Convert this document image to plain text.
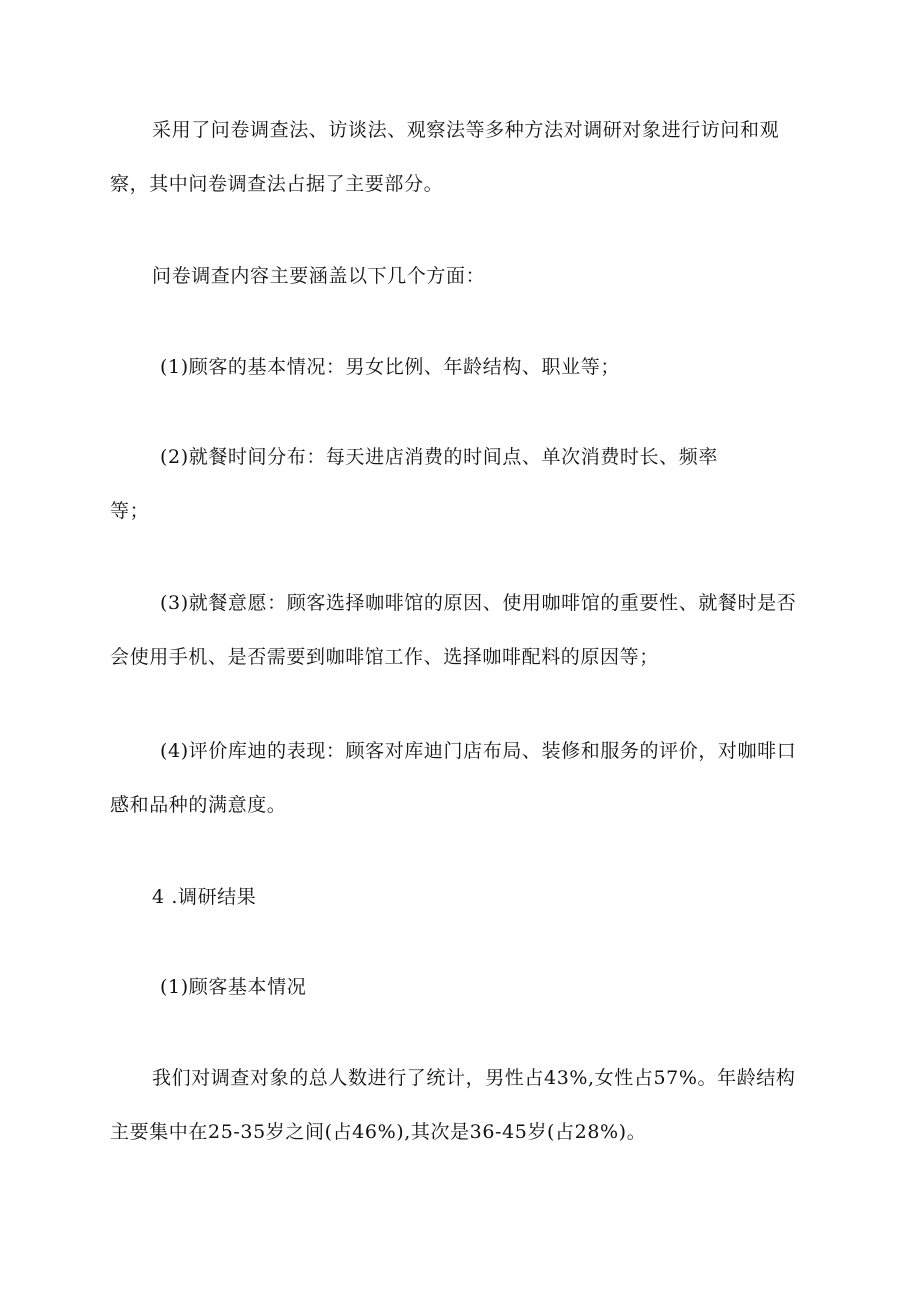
采用了问卷调查法、访谈法、观察法等多种方法对调研对象进行访问和观
察，其中问卷调查法占据了主要部分。
问卷调查内容主要涵盖以下几个方面：
(1)顾客的基本情况：男女比例、年龄结构、职业等；
(2)就餐时间分布：每天进店消费的时间点、单次消费时长、频率
等；
(3)就餐意愿：顾客选择咖啡馆的原因、使用咖啡馆的重要性、就餐时是否
会使用手机、是否需要到咖啡馆工作、选择咖啡配料的原因等；
(4)评价库迪的表现：顾客对库迪门店布局、装修和服务的评价，对咖啡口
感和品种的满意度。
4 .调研结果
(1)顾客基本情况
我们对调查对象的总人数进行了统计，男性占43%,女性占57%。年龄结构
主要集中在25-35岁之间(占46%),其次是36-45岁(占28%)。
